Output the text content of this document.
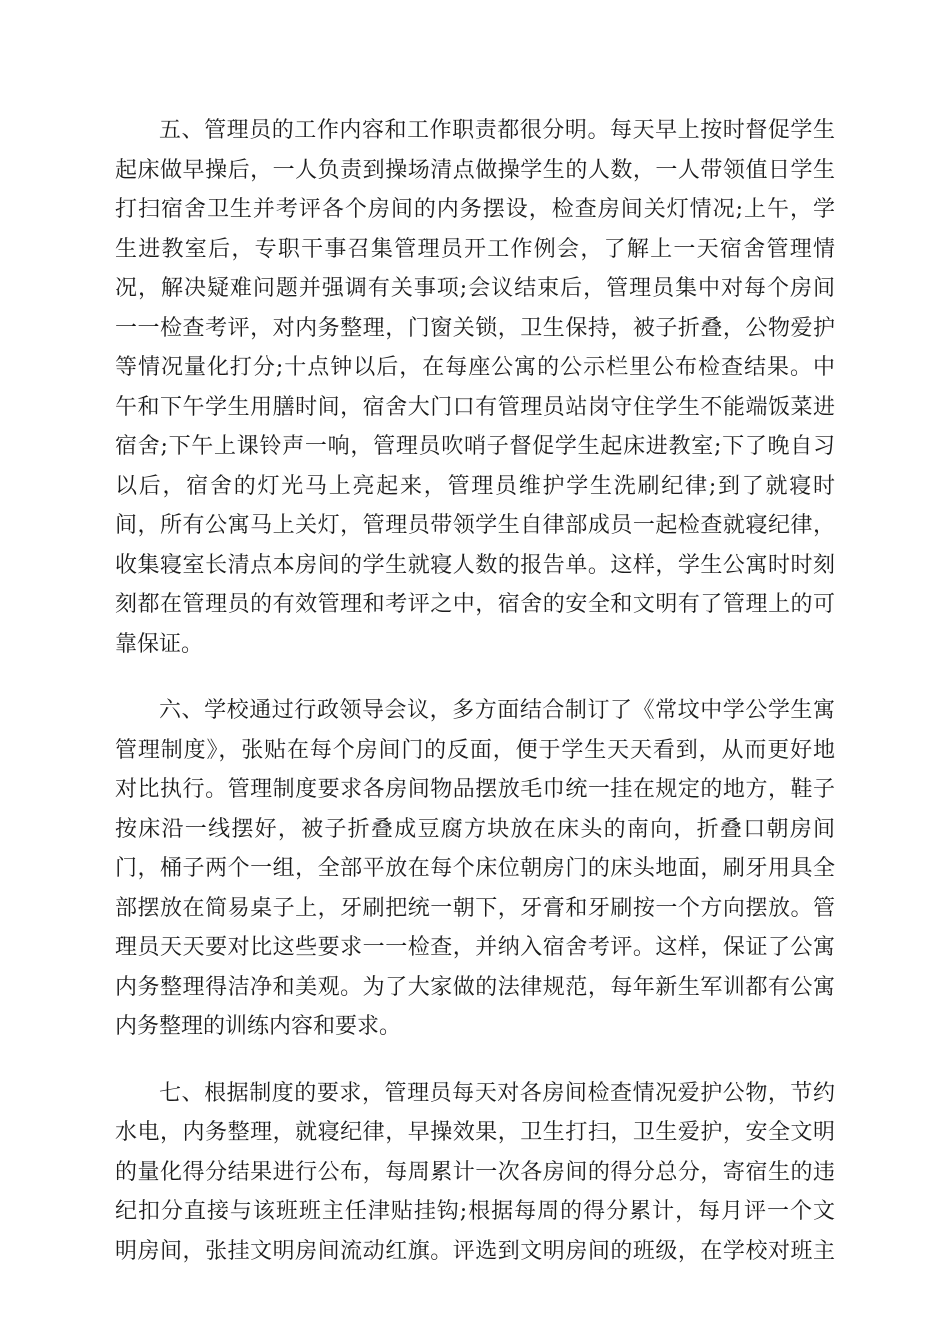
五、管理员的工作内容和工作职责都很分明。每天早上按时督促学生
起床做早操后，一人负责到操场清点做操学生的人数，一人带领值日学生
打扫宿舍卫生并考评各个房间的内务摆设，检查房间关灯情况;上午，学
生进教室后，专职干事召集管理员开工作例会，了解上一天宿舍管理情
况，解决疑难问题并强调有关事项;会议结束后，管理员集中对每个房间
一一检查考评，对内务整理，门窗关锁，卫生保持，被子折叠，公物爱护
等情况量化打分;十点钟以后，在每座公寓的公示栏里公布检查结果。中
午和下午学生用膳时间，宿舍大门口有管理员站岗守住学生不能端饭菜进
宿舍;下午上课铃声一响，管理员吹哨子督促学生起床进教室;下了晚自习
以后，宿舍的灯光马上亮起来，管理员维护学生洗刷纪律;到了就寝时
间，所有公寓马上关灯，管理员带领学生自律部成员一起检查就寝纪律，
收集寝室长清点本房间的学生就寝人数的报告单。这样，学生公寓时时刻
刻都在管理员的有效管理和考评之中，宿舍的安全和文明有了管理上的可
靠保证。

六、学校通过行政领导会议，多方面结合制订了《常坟中学公学生寓
管理制度》，张贴在每个房间门的反面，便于学生天天看到，从而更好地
对比执行。管理制度要求各房间物品摆放毛巾统一挂在规定的地方，鞋子
按床沿一线摆好，被子折叠成豆腐方块放在床头的南向，折叠口朝房间
门，桶子两个一组，全部平放在每个床位朝房门的床头地面，刷牙用具全
部摆放在简易桌子上，牙刷把统一朝下，牙膏和牙刷按一个方向摆放。管
理员天天要对比这些要求一一检查，并纳入宿舍考评。这样，保证了公寓
内务整理得洁净和美观。为了大家做的法律规范，每年新生军训都有公寓
内务整理的训练内容和要求。

七、根据制度的要求，管理员每天对各房间检查情况爱护公物，节约
水电，内务整理，就寝纪律，早操效果，卫生打扫，卫生爱护，安全文明
的量化得分结果进行公布，每周累计一次各房间的得分总分，寄宿生的违
纪扣分直接与该班班主任津贴挂钩;根据每周的得分累计，每月评一个文
明房间，张挂文明房间流动红旗。评选到文明房间的班级，在学校对班主
